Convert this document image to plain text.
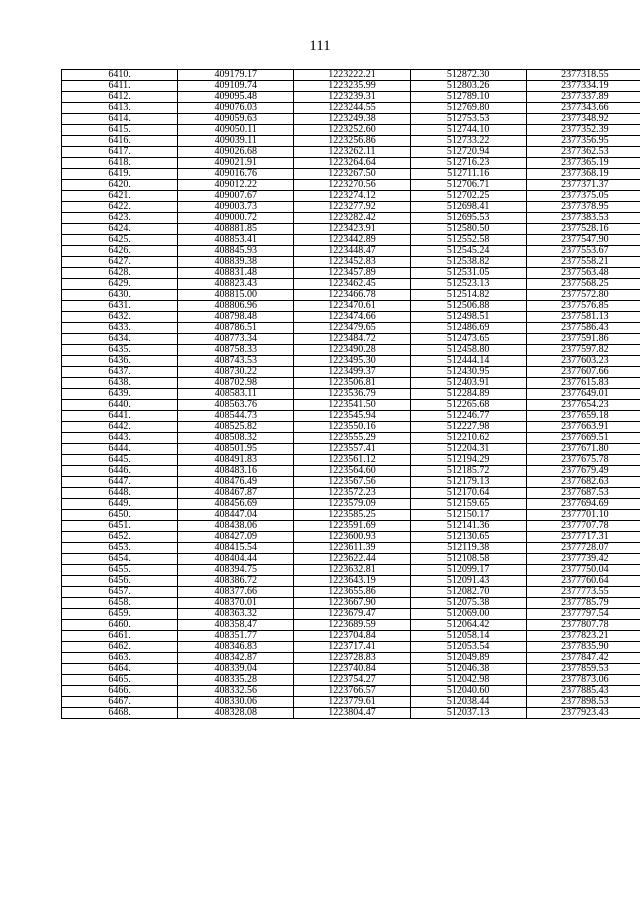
111
6410.	409179.17	1223222.21	512872.30	2377318.55
6411.	409109.74	1223235.99	512803.26	2377334.19
6412.	409095.48	1223239.31	512789.10	2377337.89
6413.	409076.03	1223244.55	512769.80	2377343.66
6414.	409059.63	1223249.38	512753.53	2377348.92
6415.	409050.11	1223252.60	512744.10	2377352.39
6416.	409039.11	1223256.86	512733.22	2377356.95
6417.	409026.68	1223262.11	512720.94	2377362.53
6418.	409021.91	1223264.64	512716.23	2377365.19
6419.	409016.76	1223267.50	512711.16	2377368.19
6420.	409012.22	1223270.56	512706.71	2377371.37
6421.	409007.67	1223274.12	512702.25	2377375.05
6422.	409003.73	1223277.92	512698.41	2377378.95
6423.	409000.72	1223282.42	512695.53	2377383.53
6424.	408881.85	1223423.91	512580.50	2377528.16
6425.	408853.41	1223442.89	512552.58	2377547.90
6426.	408845.93	1223448.47	512545.24	2377553.67
6427.	408839.38	1223452.83	512538.82	2377558.21
6428.	408831.48	1223457.89	512531.05	2377563.48
6429.	408823.43	1223462.45	512523.13	2377568.25
6430.	408815.00	1223466.78	512514.82	2377572.80
6431.	408806.96	1223470.61	512506.88	2377576.85
6432.	408798.48	1223474.66	512498.51	2377581.13
6433.	408786.51	1223479.65	512486.69	2377586.43
6434.	408773.34	1223484.72	512473.65	2377591.86
6435.	408758.33	1223490.28	512458.80	2377597.82
6436.	408743.53	1223495.30	512444.14	2377603.23
6437.	408730.22	1223499.37	512430.95	2377607.66
6438.	408702.98	1223506.81	512403.91	2377615.83
6439.	408583.11	1223536.79	512284.89	2377649.01
6440.	408563.76	1223541.50	512265.68	2377654.23
6441.	408544.73	1223545.94	512246.77	2377659.18
6442.	408525.82	1223550.16	512227.98	2377663.91
6443.	408508.32	1223555.29	512210.62	2377669.51
6444.	408501.95	1223557.41	512204.31	2377671.80
6445.	408491.83	1223561.12	512194.29	2377675.78
6446.	408483.16	1223564.60	512185.72	2377679.49
6447.	408476.49	1223567.56	512179.13	2377682.63
6448.	408467.87	1223572.23	512170.64	2377687.53
6449.	408456.69	1223579.09	512159.65	2377694.69
6450.	408447.04	1223585.25	512150.17	2377701.10
6451.	408438.06	1223591.69	512141.36	2377707.78
6452.	408427.09	1223600.93	512130.65	2377717.31
6453.	408415.54	1223611.39	512119.38	2377728.07
6454.	408404.44	1223622.44	512108.58	2377739.42
6455.	408394.75	1223632.81	512099.17	2377750.04
6456.	408386.72	1223643.19	512091.43	2377760.64
6457.	408377.66	1223655.86	512082.70	2377773.55
6458.	408370.01	1223667.90	512075.38	2377785.79
6459.	408363.32	1223679.47	512069.00	2377797.54
6460.	408358.47	1223689.59	512064.42	2377807.78
6461.	408351.77	1223704.84	512058.14	2377823.21
6462.	408346.83	1223717.41	512053.54	2377835.90
6463.	408342.87	1223728.83	512049.89	2377847.42
6464.	408339.04	1223740.84	512046.38	2377859.53
6465.	408335.28	1223754.27	512042.98	2377873.06
6466.	408332.56	1223766.57	512040.60	2377885.43
6467.	408330.06	1223779.61	512038.44	2377898.53
6468.	408328.08	1223804.47	512037.13	2377923.43
